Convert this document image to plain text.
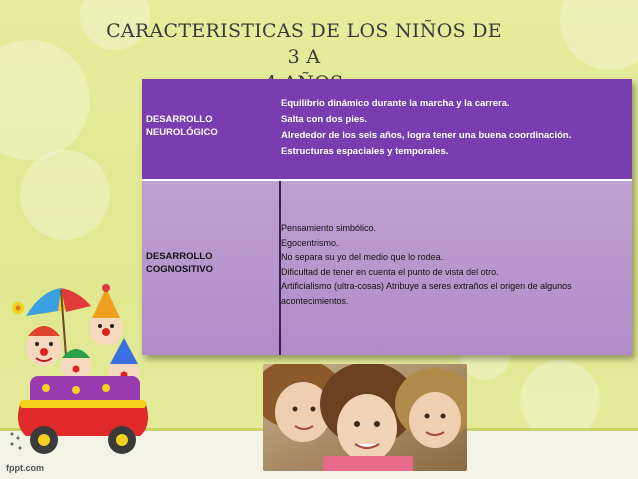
CARACTERISTICAS DE LOS NIÑOS DE 3 A
DESARROLLO
NEUROLÓGICO
Equilibrio dinámico durante la marcha y la carrera.
Salta con dos pies.
Alrededor de los seis años, logra tener una buena coordinación.
Estructuras espaciales y temporales.
DESARROLLO
COGNOSITIVO
Pensamiento simbólico.
Egocentrismo.
No separa su yo del medio que lo rodea.
Dificultad de tener en cuenta el punto de vista del otro.
Artificialismo (ultra-cosas) Atribuye a seres extraños el origen de algunos acontecimientos.
fppt.com
